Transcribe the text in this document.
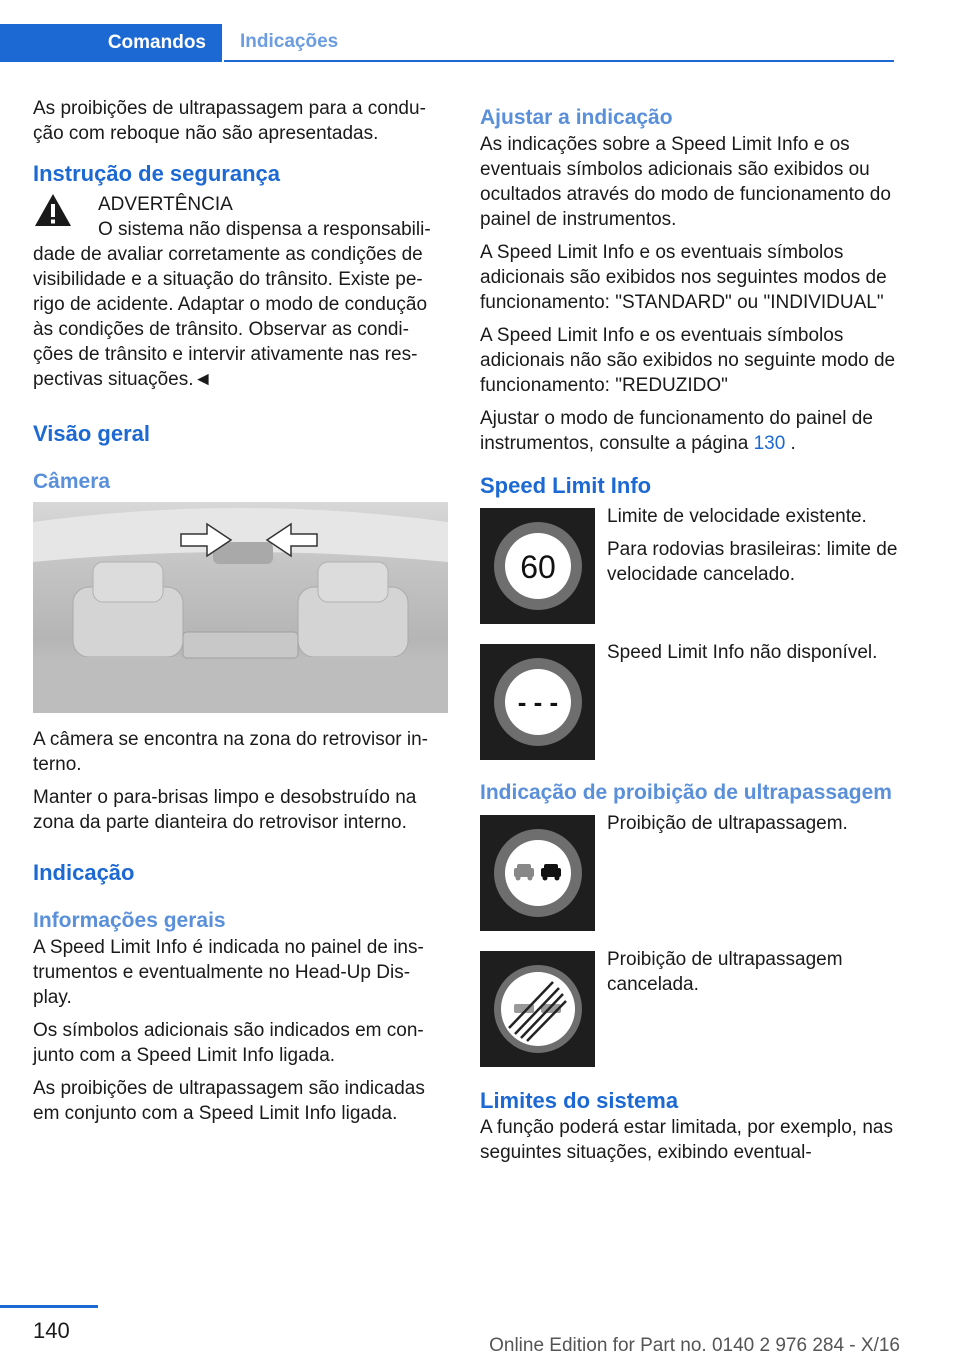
Comandos	Indicações

As proibições de ultrapassagem para a condu‐ção com reboque não são apresentadas.

Instrução de segurança
ADVERTÊNCIA
O sistema não dispensa a responsabili‐dade de avaliar corretamente as condições de visibilidade e a situação do trânsito. Existe pe‐rigo de acidente. Adaptar o modo de condução às condições de trânsito. Observar as condi‐ções de trânsito e intervir ativamente nas res‐pectivas situações.◄
Visão geral
Câmera

A câmera se encontra na zona do retrovisor in‐terno.

Manter o para-brisas limpo e desobstruído na zona da parte dianteira do retrovisor interno.

Indicação
Informações gerais

A Speed Limit Info é indicada no painel de ins‐trumentos e eventualmente no Head-Up Dis‐play.

Os símbolos adicionais são indicados em con‐junto com a Speed Limit Info ligada.

As proibições de ultrapassagem são indicadas em conjunto com a Speed Limit Info ligada.

Ajustar a indicação

As indicações sobre a Speed Limit Info e os eventuais símbolos adicionais são exibidos ou ocultados através do modo de funcionamento do painel de instrumentos.

A Speed Limit Info e os eventuais símbolos adicionais são exibidos nos seguintes modos de funcionamento: "STANDARD" ou "INDIVIDUAL"

A Speed Limit Info e os eventuais símbolos adicionais não são exibidos no seguinte modo de funcionamento: "REDUZIDO"

Ajustar o modo de funcionamento do painel de instrumentos, consulte a página 130 .

Speed Limit Info
60

Limite de velocidade existente.

Para rodovias brasileiras: limite de velocidade cancelado.

- - -

Speed Limit Info não disponível.

Indicação de proibição de ultrapassagem

Proibição de ultrapassagem.

Proibição de ultrapassagem cancelada.

Limites do sistema

A função poderá estar limitada, por exemplo, nas seguintes situações, exibindo eventual‐

140
Online Edition for Part no. 0140 2 976 284 - X/16
